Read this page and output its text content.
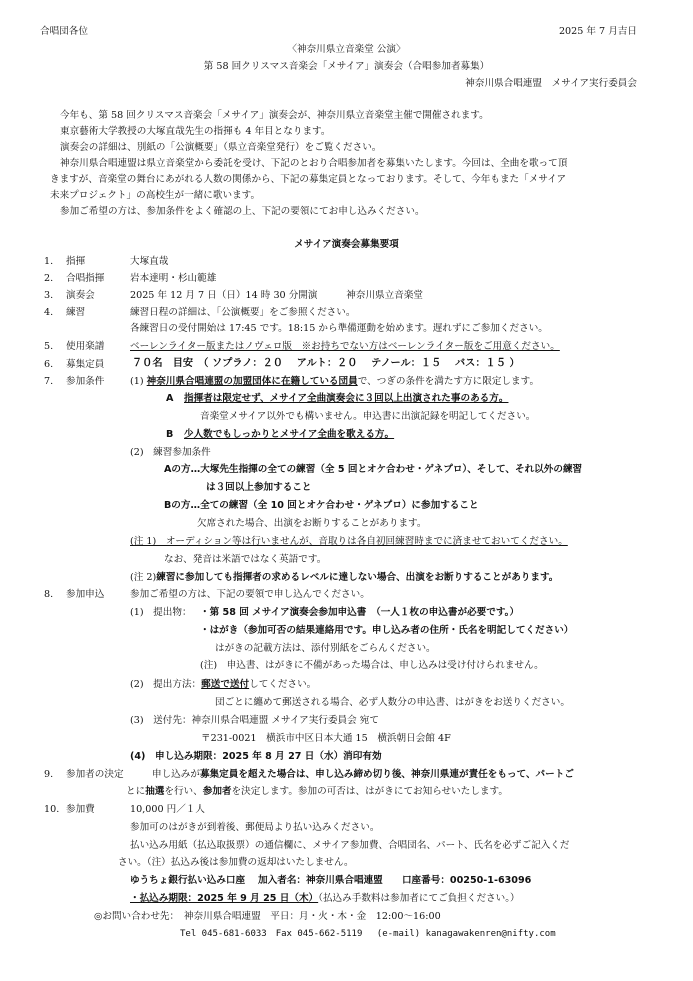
合唱団各位	2025 年 7 月吉日
〈神奈川県立音楽堂 公演〉
第 58 回クリスマス音楽会「メサイア」演奏会（合唱参加者募集）
神奈川県合唱連盟　メサイア実行委員会
今年も、第 58 回クリスマス音楽会「メサイア」演奏会が、神奈川県立音楽堂主催で開催されます。
東京藝術大学教授の大塚直哉先生の指揮も 4 年目となります。
演奏会の詳細は、別紙の「公演概要」（県立音楽堂発行）をご覧ください。
神奈川県合唱連盟は県立音楽堂から委託を受け、下記のとおり合唱参加者を募集いたします。今回は、全曲を歌って頂
きますが、音楽堂の舞台にあがれる人数の関係から、下記の募集定員となっております。そして、今年もまた「メサイア
未来プロジェクト」の高校生が一緒に歌います。
参加ご希望の方は、参加条件をよく確認の上、下記の要領にてお申し込みください。
メサイア演奏会募集要項
1. 指揮	大塚直哉
2. 合唱指揮	岩本達明・杉山範雄
3. 演奏会	2025 年 12 月 7 日（日）14 時 30 分開演　　　神奈川県立音楽堂
4. 練習	練習日程の詳細は、「公演概要」をご参照ください。
各練習日の受付開始は 17:45 です。18:15 から準備運動を始めます。遅れずにご参加ください。
5. 使用楽譜	ベーレンライター版またはノヴェロ版　※お持ちでない方はベーレンライター版をご用意ください。
6. 募集定員	７０名　目安　（ ソプラノ：２０　 アルト：２０　 テノール：１５　 バス：１５ ）
7. 参加条件	(1) 神奈川県合唱連盟の加盟団体に在籍している団員で、つぎの条件を満たす方に限定します。
A 指揮者は限定せず、メサイア全曲演奏会に３回以上出演された事のある方。
音楽堂メサイア以外でも構いません。申込書に出演記録を明記してください。
B 少人数でもしっかりとメサイア全曲を歌える方。
(2)　練習参加条件
Aの方…大塚先生指揮の全ての練習（全 5 回とオケ合わせ・ゲネプロ）、そして、それ以外の練習
は３回以上参加すること
Bの方…全ての練習（全 10 回とオケ合わせ・ゲネプロ）に参加すること
欠席された場合、出演をお断りすることがあります。
(注 1)　オーディション等は行いませんが、音取りは各自初回練習時までに済ませておいてください。
なお、発音は米語ではなく英語です。
(注 2)練習に参加しても指揮者の求めるレベルに達しない場合、出演をお断りすることがあります。
8. 参加申込	参加ご希望の方は、下記の要領で申し込んでください。
(1)　提出物： ・第 58 回 メサイア演奏会参加申込書　（一人１枚の申込書が必要です。）
・はがき（参加可否の結果連絡用です。申し込み者の住所・氏名を明記してください）
はがきの記載方法は、添付別紙をごらんください。
(注)　申込書、はがきに不備があった場合は、申し込みは受け付けられません。
(2)　提出方法：郵送で送付してください。
団ごとに纏めて郵送される場合、必ず人数分の申込書、はがきをお送りください。
(3)　送付先：神奈川県合唱連盟 メサイア実行委員会 宛て
〒231-0021　横浜市中区日本大通 15　横浜朝日会館 4F
(4)　申し込み期限：2025 年 8 月 27 日（水）消印有効
9. 参加者の決定	申し込みが募集定員を超えた場合は、申し込み締め切り後、神奈川県連が責任をもって、パートご
とに抽選を行い、参加者を決定します。参加の可否は、はがきにてお知らせいたします。
10. 参加費	10,000 円／１人
参加可のはがきが到着後、郵便局より払い込みください。
払い込み用紙（払込取扱票）の通信欄に、メサイア参加費、合唱団名、パート、氏名を必ずご記入くだ
さい。（注）払込み後は参加費の返却はいたしません。
ゆうちょ銀行払い込み口座　 加入者名：神奈川県合唱連盟　　口座番号：00250-1-63096
・払込み期限：2025 年 9 月 25 日（木）（払込み手数料は参加者にてご負担ください。）
◎お問い合わせ先：　神奈川県合唱連盟　平日：月・火・木・金　12:00～16:00
Tel 045-681-6033　Fax 045-662-5119　 (e-mail) kanagawakenren@nifty.com
